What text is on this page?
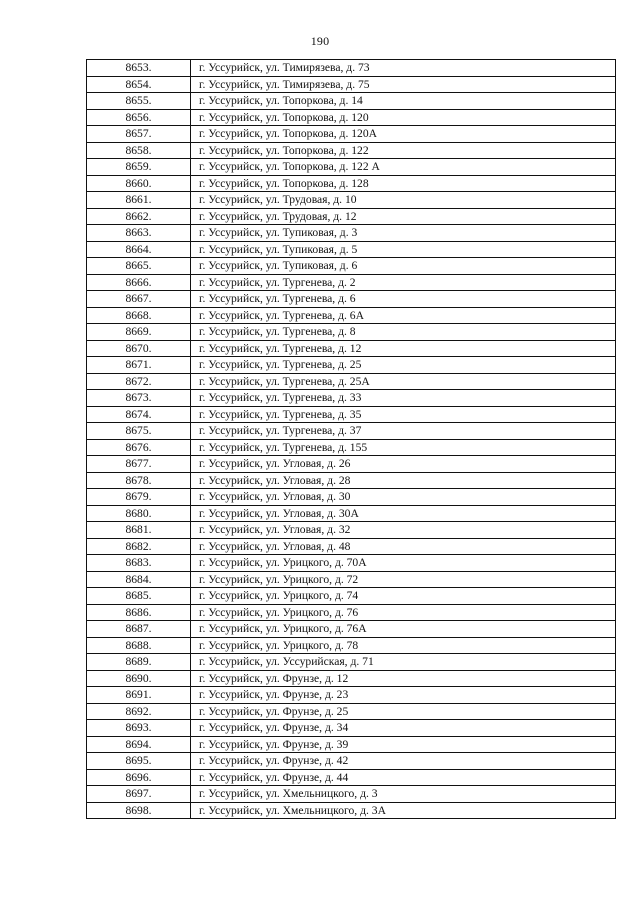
190
8653.	г. Уссурийск, ул. Тимирязева, д. 73
8654.	г. Уссурийск, ул. Тимирязева, д. 75
8655.	г. Уссурийск, ул. Топоркова, д. 14
8656.	г. Уссурийск, ул. Топоркова, д. 120
8657.	г. Уссурийск, ул. Топоркова, д. 120А
8658.	г. Уссурийск, ул. Топоркова, д. 122
8659.	г. Уссурийск, ул. Топоркова, д. 122 А
8660.	г. Уссурийск, ул. Топоркова, д. 128
8661.	г. Уссурийск, ул. Трудовая, д. 10
8662.	г. Уссурийск, ул. Трудовая, д. 12
8663.	г. Уссурийск, ул. Тупиковая, д. 3
8664.	г. Уссурийск, ул. Тупиковая, д. 5
8665.	г. Уссурийск, ул. Тупиковая, д. 6
8666.	г. Уссурийск, ул. Тургенева, д. 2
8667.	г. Уссурийск, ул. Тургенева, д. 6
8668.	г. Уссурийск, ул. Тургенева, д. 6А
8669.	г. Уссурийск, ул. Тургенева, д. 8
8670.	г. Уссурийск, ул. Тургенева, д. 12
8671.	г. Уссурийск, ул. Тургенева, д. 25
8672.	г. Уссурийск, ул. Тургенева, д. 25А
8673.	г. Уссурийск, ул. Тургенева, д. 33
8674.	г. Уссурийск, ул. Тургенева, д. 35
8675.	г. Уссурийск, ул. Тургенева, д. 37
8676.	г. Уссурийск, ул. Тургенева, д. 155
8677.	г. Уссурийск, ул. Угловая, д. 26
8678.	г. Уссурийск, ул. Угловая, д. 28
8679.	г. Уссурийск, ул. Угловая, д. 30
8680.	г. Уссурийск, ул. Угловая, д. 30А
8681.	г. Уссурийск, ул. Угловая, д. 32
8682.	г. Уссурийск, ул. Угловая, д. 48
8683.	г. Уссурийск, ул. Урицкого, д. 70А
8684.	г. Уссурийск, ул. Урицкого, д. 72
8685.	г. Уссурийск, ул. Урицкого, д. 74
8686.	г. Уссурийск, ул. Урицкого, д. 76
8687.	г. Уссурийск, ул. Урицкого, д. 76А
8688.	г. Уссурийск, ул. Урицкого, д. 78
8689.	г. Уссурийск, ул. Уссурийская, д. 71
8690.	г. Уссурийск, ул. Фрунзе, д. 12
8691.	г. Уссурийск, ул. Фрунзе, д. 23
8692.	г. Уссурийск, ул. Фрунзе, д. 25
8693.	г. Уссурийск, ул. Фрунзе, д. 34
8694.	г. Уссурийск, ул. Фрунзе, д. 39
8695.	г. Уссурийск, ул. Фрунзе, д. 42
8696.	г. Уссурийск, ул. Фрунзе, д. 44
8697.	г. Уссурийск, ул. Хмельницкого, д. 3
8698.	г. Уссурийск, ул. Хмельницкого, д. 3А
